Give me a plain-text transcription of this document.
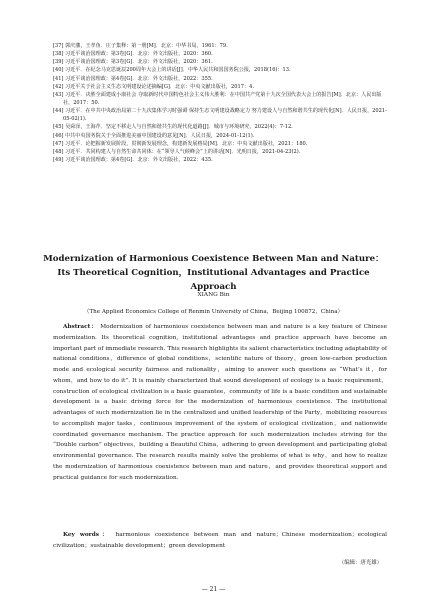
[37] 郭庆藩，王孝鱼．庄子集释：第一册[M]．北京：中华书局，1961：79.
[38] 习近平谈治国理政：第3卷[G]．北京：外文出版社，2020：360.
[39] 习近平谈治国理政：第3卷[G]．北京：外文出版社，2020：361.
[40] 习近平．在纪念马克思诞辰200周年大会上的讲话[J]．中华人民共和国国务院公报，2018(16)：13.
[41] 习近平谈治国理政：第4卷[G]．北京：外文出版社，2022：355.
[42] 习近平关于社会主义生态文明建设论述摘编[G]．北京：中央文献出版社，2017：4.
[43] 习近平．决胜全面建成小康社会 夺取新时代中国特色社会主义伟大胜利：在中国共产党第十九次全国代表大会上的报告[M]．北京：人民出版社，2017：50.
[44] 习近平．在中共中央政治局第二十九次集体学习时强调 保持生态文明建设战略定力 努力建设人与自然和谐共生的现代化[N]．人民日报，2021-05-02(1).
[45] 吴舜泽，王海芹．坚定不移走人与自然和谐共生的现代化道路[J]．城市与环境研究，2022(4)：7-12.
[46] 中共中央国务院关于全面推进美丽中国建设的意见[N]．人民日报，2024-01-12(1).
[47] 习近平．论把握新发展阶段，贯彻新发展理念，构建新发展格局[M]．北京：中央文献出版社，2021：180.
[48] 习近平．共同构建人与自然生命共同体：在“领导人气候峰会”上的讲话[N]．光明日报，2021-04-23(2).
[49] 习近平谈治国理政：第4卷[G]．北京：外文出版社，2022：435.
Modernization of Harmonious Coexistence Between Man and Nature：
Its Theoretical Cognition，Institutional Advantages and Practice Approach
XIANG Bin
（The Applied Economics College of Renmin University of China，Beijing 100872，China）

Abstract： Modernization of harmonious coexistence between man and nature is a key feature of Chinese modernization. Its theoretical cognition, institutional advantages and practice approach have become an important part of immediate research. This research highlights its salient characteristics including adaptability of national conditions，difference of global conditions，scientific nature of theory，green low-carbon production mode and ecological security fairness and rationality，aiming to answer such questions as “What’s it，for whom，and how to do it”. It is mainly characterized that sound development of ecology is a basic requirement，construction of ecological civilization is a basic guarantee，community of life is a basic condition and sustainable development is a basic driving force for the modernization of harmonious coexistence. The institutional advantages of such modernization lie in the centralized and unified leadership of the Party，mobilizing resources to accomplish major tasks，continuous improvement of the system of ecological civilization，and nationwide coordinated governance mechanism. The practice approach for such modernization includes striving for the “Double carbon” objectives，building a Beautiful China，adhering to green development and participating global environmental governance. The research results mainly solve the problems of what is why，and how to realize the modernization of harmonious coexistence between man and nature，and provides theoretical support and practical guidance for such modernization.

Key words： harmonious coexistence between man and nature；Chinese modernization；ecological civilization；sustainable development；green development

（编辑：唐光雄）
— 21 —
